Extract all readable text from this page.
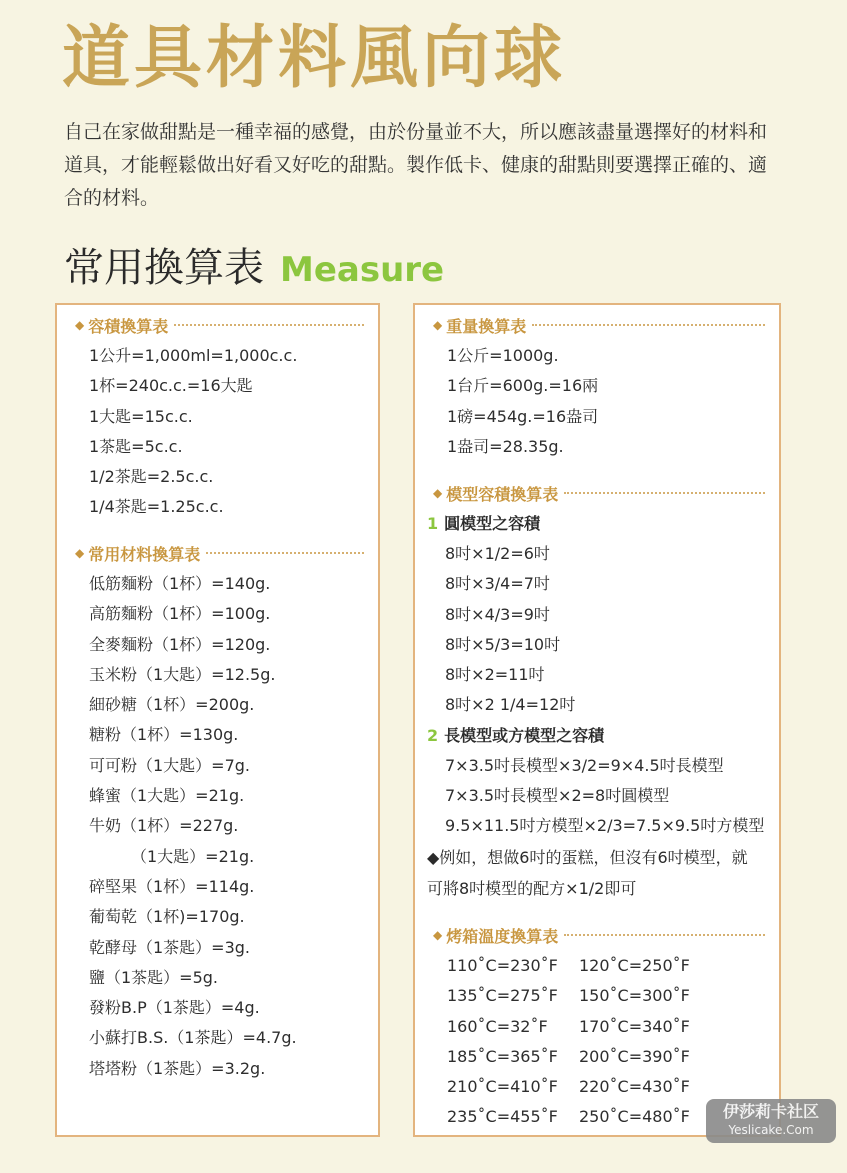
道具材料風向球
自己在家做甜點是一種幸福的感覺，由於份量並不大，所以應該盡量選擇好的材料和道具，才能輕鬆做出好看又好吃的甜點。製作低卡、健康的甜點則要選擇正確的、適合的材料。
常用換算表 Measure
◆ 容積換算表
1公升=1,000ml=1,000c.c.
1杯=240c.c.=16大匙
1大匙=15c.c.
1茶匙=5c.c.
1/2茶匙=2.5c.c.
1/4茶匙=1.25c.c.
◆ 常用材料換算表
低筋麵粉（1杯）=140g.
高筋麵粉（1杯）=100g.
全麥麵粉（1杯）=120g.
玉米粉（1大匙）=12.5g.
細砂糖（1杯）=200g.
糖粉（1杯）=130g.
可可粉（1大匙）=7g.
蜂蜜（1大匙）=21g.
牛奶（1杯）=227g.
（1大匙）=21g.
碎堅果（1杯）=114g.
葡萄乾（1杯)=170g.
乾酵母（1茶匙）=3g.
鹽（1茶匙）=5g.
發粉B.P（1茶匙）=4g.
小蘇打B.S.（1茶匙）=4.7g.
塔塔粉（1茶匙）=3.2g.
◆ 重量換算表
1公斤=1000g.
1台斤=600g.=16兩
1磅=454g.=16盎司
1盎司=28.35g.
◆ 模型容積換算表
1 圓模型之容積
8吋×1/2=6吋
8吋×3/4=7吋
8吋×4/3=9吋
8吋×5/3=10吋
8吋×2=11吋
8吋×2 1/4=12吋
2 長模型或方模型之容積
7×3.5吋長模型×3/2=9×4.5吋長模型
7×3.5吋長模型×2=8吋圓模型
9.5×11.5吋方模型×2/3=7.5×9.5吋方模型
◆例如，想做6吋的蛋糕，但沒有6吋模型，就
可將8吋模型的配方×1/2即可
◆ 烤箱溫度換算表
110˚C=230˚F	120˚C=250˚F
135˚C=275˚F	150˚C=300˚F
160˚C=32˚F	170˚C=340˚F
185˚C=365˚F	200˚C=390˚F
210˚C=410˚F	220˚C=430˚F
235˚C=455˚F	250˚C=480˚F	伊莎莉卡社区
Yeslicake.Com
